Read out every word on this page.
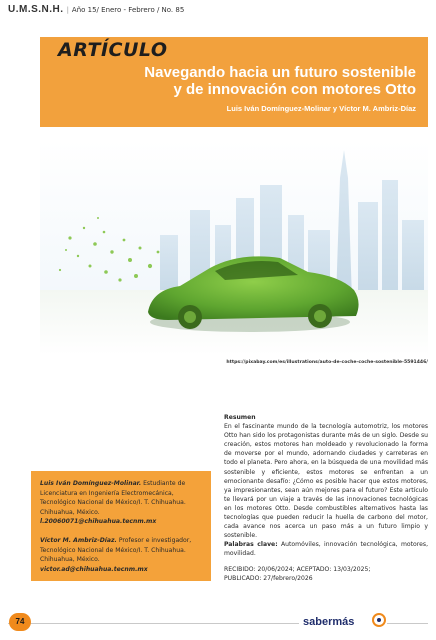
U.M.S.N.H. | Año 15/ Enero - Febrero / No. 85
ARTÍCULO
Navegando hacia un futuro sostenible
y de innovación con motores Otto
Luis Iván Domínguez-Molinar y Víctor M. Ambriz-Díaz
https://pixabay.com/es/illustrations/auto-de-coche-coche-sostenible-5591446/

Luis Iván Domínguez-Molinar. Estudiante de Licenciatura en Ingeniería Electromecánica, Tecnológico Nacional de México/I. T. Chihuahua. Chihuahua, México.

l.20060071@chihuahua.tecnm.mx

Víctor M. Ambriz-Díaz. Profesor e investigador, Tecnológico Nacional de México/I. T. Chihuahua. Chihuahua, México.

victor.ad@chihuahua.tecnm.mx

Resumen

En el fascinante mundo de la tecnología automotriz, los motores Otto han sido los protagonistas durante más de un siglo. Desde su creación, estos motores han moldeado y revolucionado la forma de moverse por el mundo, adornando ciudades y carreteras en todo el planeta. Pero ahora, en la búsqueda de una movilidad más sostenible y eficiente, estos motores se enfrentan a un emocionante desafío: ¿Cómo es posible hacer que estos motores, ya impresionantes, sean aún mejores para el futuro? Este artículo te llevará por un viaje a través de las innovaciones tecnológicas en los motores Otto. Desde combustibles alternativos hasta las tecnologías que pueden reducir la huella de carbono del motor, cada avance nos acerca un paso más a un futuro limpio y sostenible.

Palabras clave: Automóviles, innovación tecnológica, motores, movilidad.

RECIBIDO: 20/06/2024; ACEPTADO: 13/03/2025;
PUBLICADO: 27/febrero/2026

74	sabermás
